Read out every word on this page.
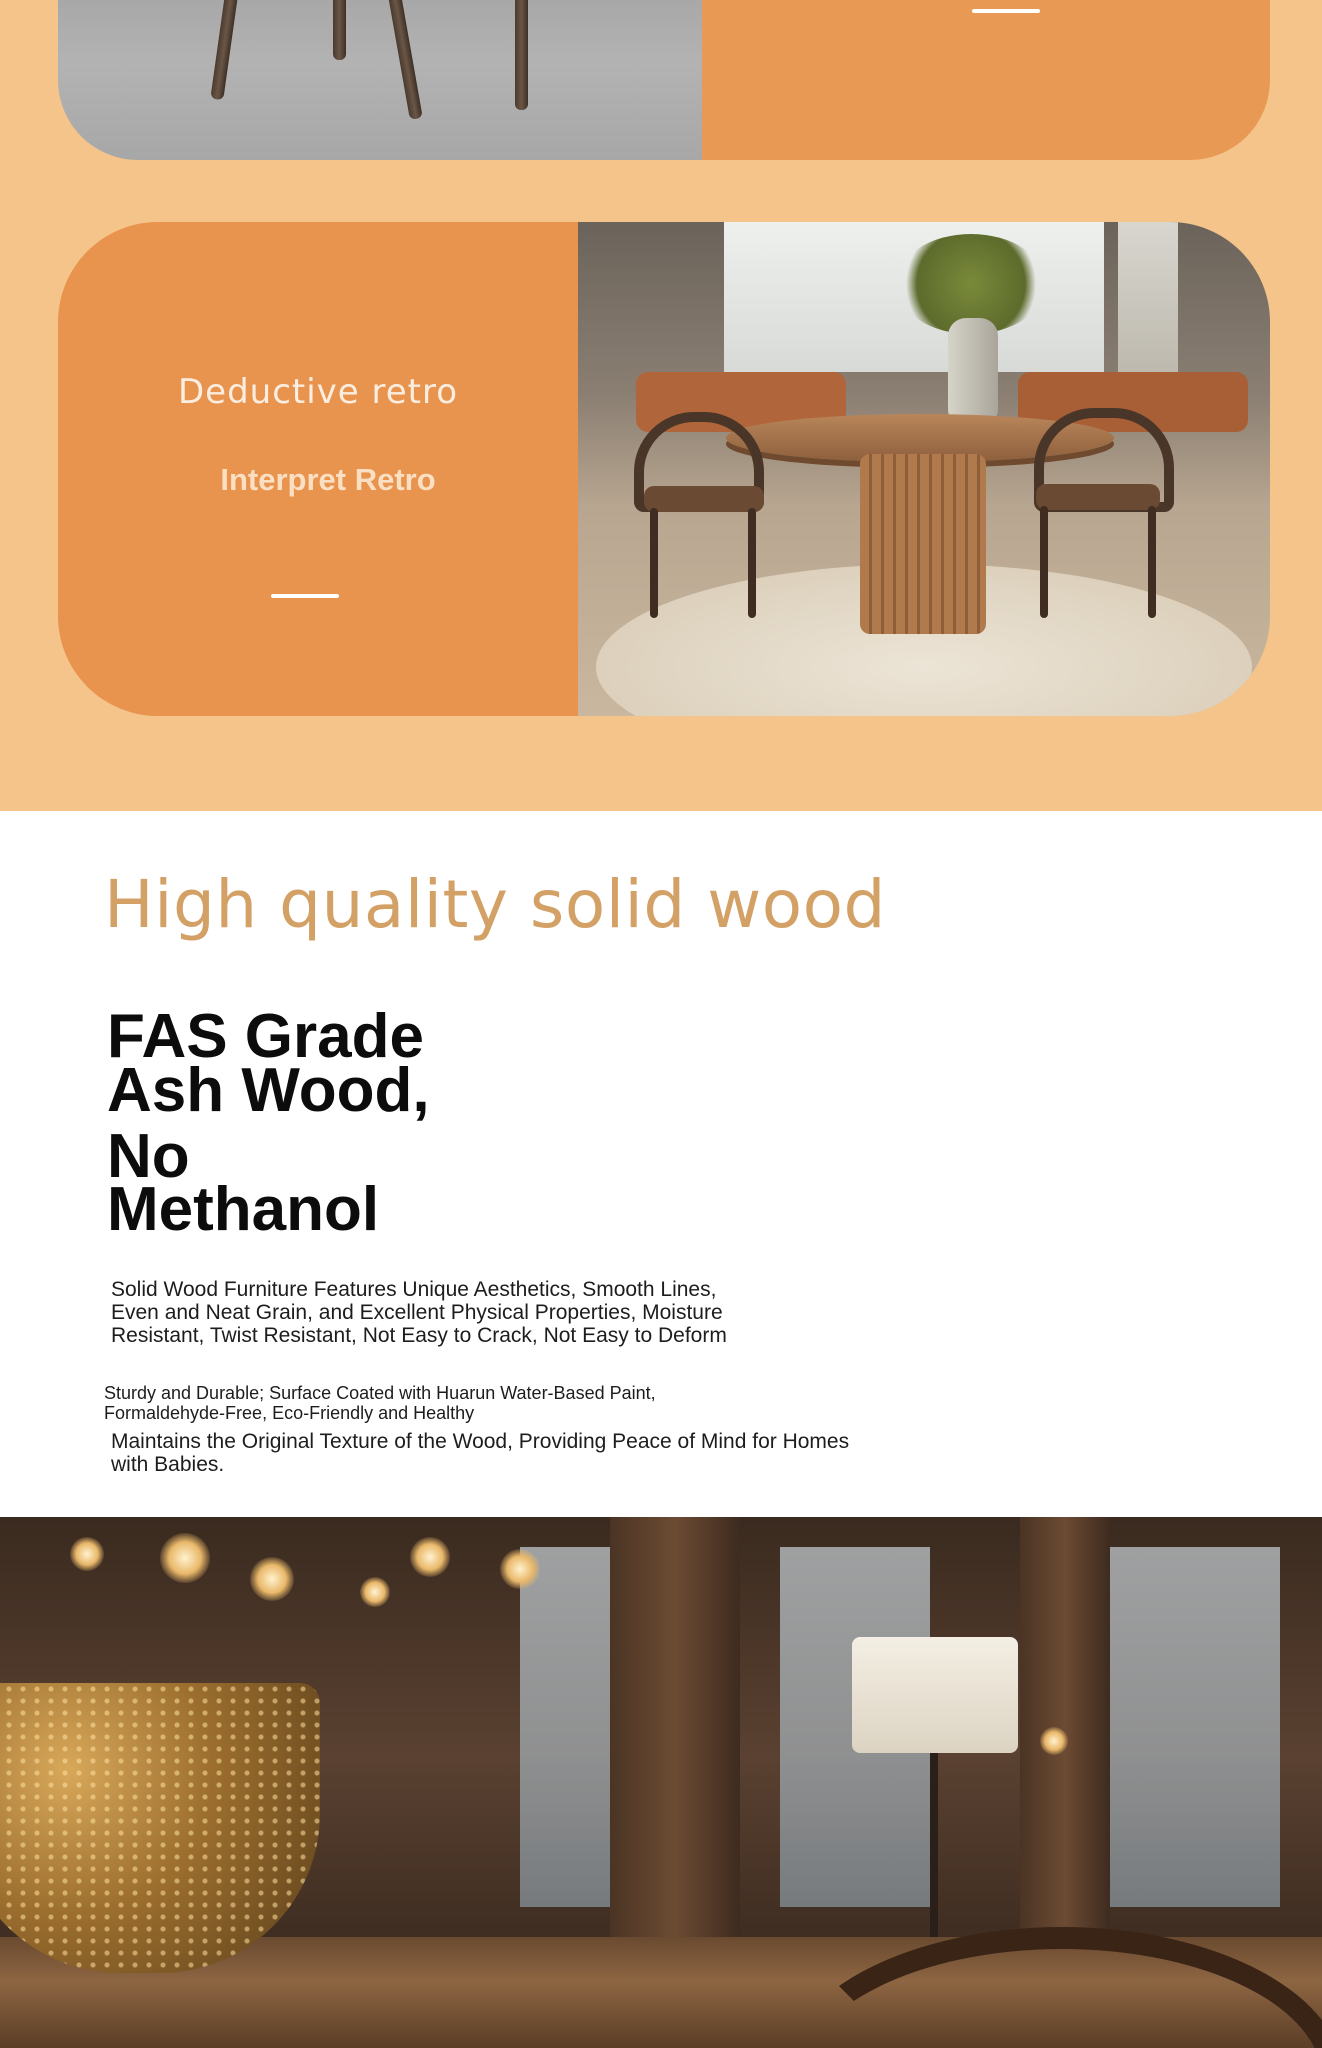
Deductive retro
Interpret Retro
High quality solid wood
FAS Grade
Ash Wood,
No
Methanol
Solid Wood Furniture Features Unique Aesthetics, Smooth Lines, Even and Neat Grain, and Excellent Physical Properties, Moisture Resistant, Twist Resistant, Not Easy to Crack, Not Easy to Deform
Sturdy and Durable; Surface Coated with Huarun Water-Based Paint, Formaldehyde-Free, Eco-Friendly and Healthy
Maintains the Original Texture of the Wood, Providing Peace of Mind for Homes with Babies.
